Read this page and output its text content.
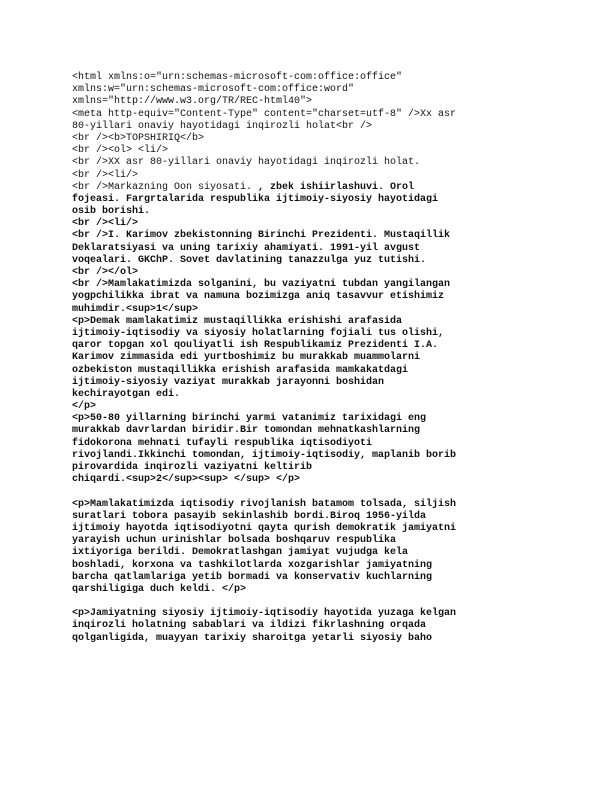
<html xmlns:o="urn:schemas-microsoft-com:office:office"
xmlns:w="urn:schemas-microsoft-com:office:word"
xmlns="http://www.w3.org/TR/REC-html40">
<meta http-equiv="Content-Type" content="charset=utf-8" />Xx asr
80-yillari onaviy hayotidagi inqirozli holat<br />
<br /><b>TOPSHIRIQ</b>
<br /><ol> <li/>
<br />XX asr 80-yillari onaviy hayotidagi inqirozli holat.
<br /><li/>
<br />Markazning Oon siyosati. , zbek ishiirlashuvi. Orol
fojeasi. Fargrtalarida respublika ijtimoiy-siyosiy hayotidagi
osib borishi.
<br /><li/>
<br />I. Karimov zbekistonning Birinchi Prezidenti. Mustaqillik
Deklaratsiyasi va uning tarixiy ahamiyati. 1991-yil avgust
voqealari. GKChP. Sovet davlatining tanazzulga yuz tutishi.
<br /></ol>
<br />Mamlakatimizda solganini, bu vaziyatni tubdan yangilangan
yogpchilikka ibrat va namuna bozimizga aniq tasavvur etishimiz
muhimdir.<sup>1</sup>
<p>Demak mamlakatimiz mustaqillikka erishishi arafasida
ijtimoiy-iqtisodiy va siyosiy holatlarning fojiali tus olishi,
qaror topgan xol qouliyatli ish Respublikamiz Prezidenti I.A.
Karimov zimmasida edi yurtboshimiz bu murakkab muammolarni
ozbekiston mustaqillikka erishish arafasida mamkakatdagi
ijtimoiy-siyosiy vaziyat murakkab jarayonni boshidan
kechirayotgan edi.
</p>
<p>50-80 yillarning birinchi yarmi vatanimiz tarixidagi eng
murakkab davrlardan biridir.Bir tomondan mehnatkashlarning
fidokorona mehnati tufayli respublika iqtisodiyoti
rivojlandi.Ikkinchi tomondan, ijtimoiy-iqtisodiy, maplanib borib
pirovardida inqirozli vaziyatni keltirib
chiqardi.<sup>2</sup><sup> </sup> </p>
<p>Mamlakatimizda iqtisodiy rivojlanish batamom tolsada, siljish
suratlari tobora pasayib sekinlashib bordi.Biroq 1956-yilda
ijtimoiy hayotda iqtisodiyotni qayta qurish demokratik jamiyatni
yarayish uchun urinishlar bolsada boshqaruv respublika
ixtiyoriga berildi. Demokratlashgan jamiyat vujudga kela
boshladi, korxona va tashkilotlarda xozgarishlar jamiyatning
barcha qatlamlariga yetib bormadi va konservativ kuchlarning
qarshiligiga duch keldi. </p>
<p>Jamiyatning siyosiy ijtimoiy-iqtisodiy hayotida yuzaga kelgan
inqirozli holatning sabablari va ildizi fikrlashning orqada
qolganligida, muayyan tarixiy sharoitga yetarli siyosiy baho
